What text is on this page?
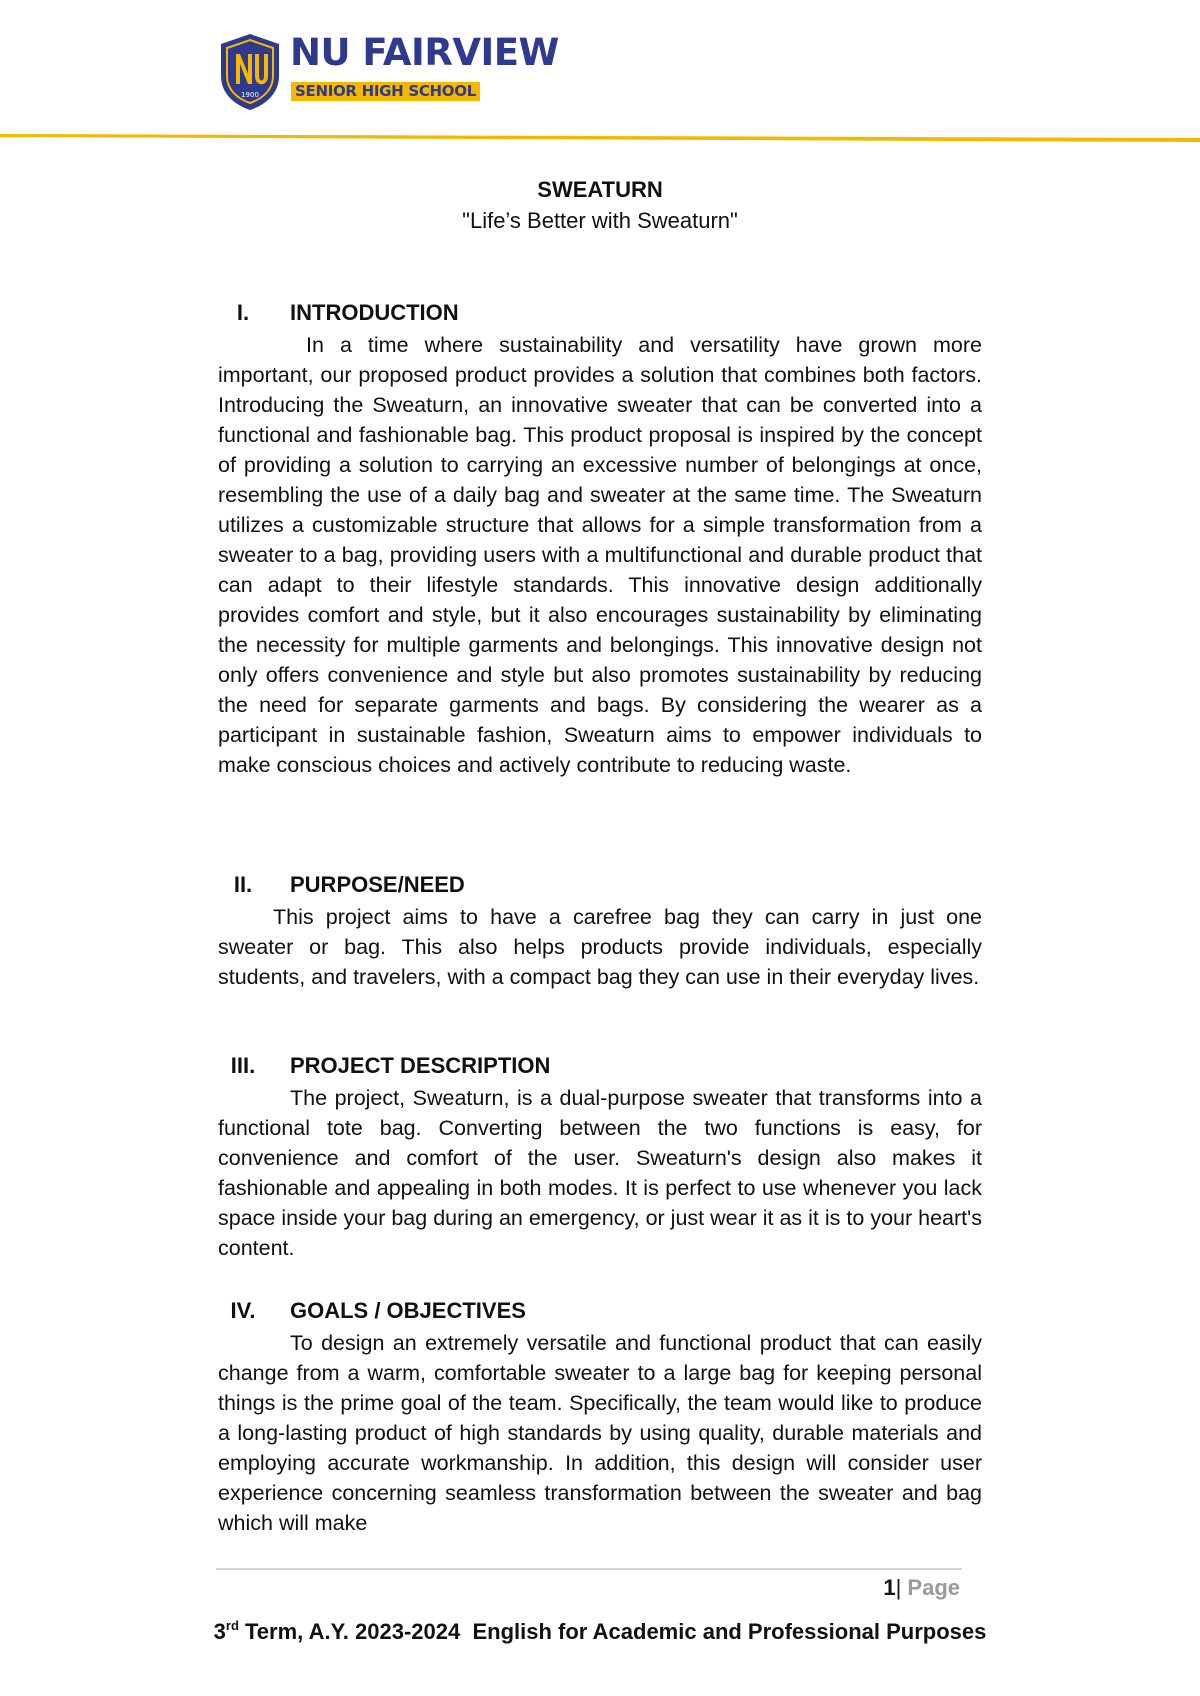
1900
NU FAIRVIEW
SENIOR HIGH SCHOOL
SWEATURN
"Life’s Better with Sweaturn"
I.	INTRODUCTION

In a time where sustainability and versatility have grown more important, our proposed product provides a solution that combines both factors. Introducing the Sweaturn, an innovative sweater that can be converted into a functional and fashionable bag. This product proposal is inspired by the concept of providing a solution to carrying an excessive number of belongings at once, resembling the use of a daily bag and sweater at the same time. The Sweaturn utilizes a customizable structure that allows for a simple transformation from a sweater to a bag, providing users with a multifunctional and durable product that can adapt to their lifestyle standards. This innovative design additionally provides comfort and style, but it also encourages sustainability by eliminating the necessity for multiple garments and belongings. This innovative design not only offers convenience and style but also promotes sustainability by reducing the need for separate garments and bags. By considering the wearer as a participant in sustainable fashion, Sweaturn aims to empower individuals to make conscious choices and actively contribute to reducing waste.

II.	PURPOSE/NEED

This project aims to have a carefree bag they can carry in just one sweater or bag. This also helps products provide individuals, especially students, and travelers, with a compact bag they can use in their everyday lives.

III.	PROJECT DESCRIPTION

The project, Sweaturn, is a dual-purpose sweater that transforms into a functional tote bag. Converting between the two functions is easy, for convenience and comfort of the user. Sweaturn's design also makes it fashionable and appealing in both modes. It is perfect to use whenever you lack space inside your bag during an emergency, or just wear it as it is to your heart's content.

IV.	GOALS / OBJECTIVES

To design an extremely versatile and functional product that can easily change from a warm, comfortable sweater to a large bag for keeping personal things is the prime goal of the team. Specifically, the team would like to produce a long-lasting product of high standards by using quality, durable materials and employing accurate workmanship. In addition, this design will consider user experience concerning seamless transformation between the sweater and bag which will make

1| Page
3rd Term, A.Y. 2023-2024  English for Academic and Professional Purposes
